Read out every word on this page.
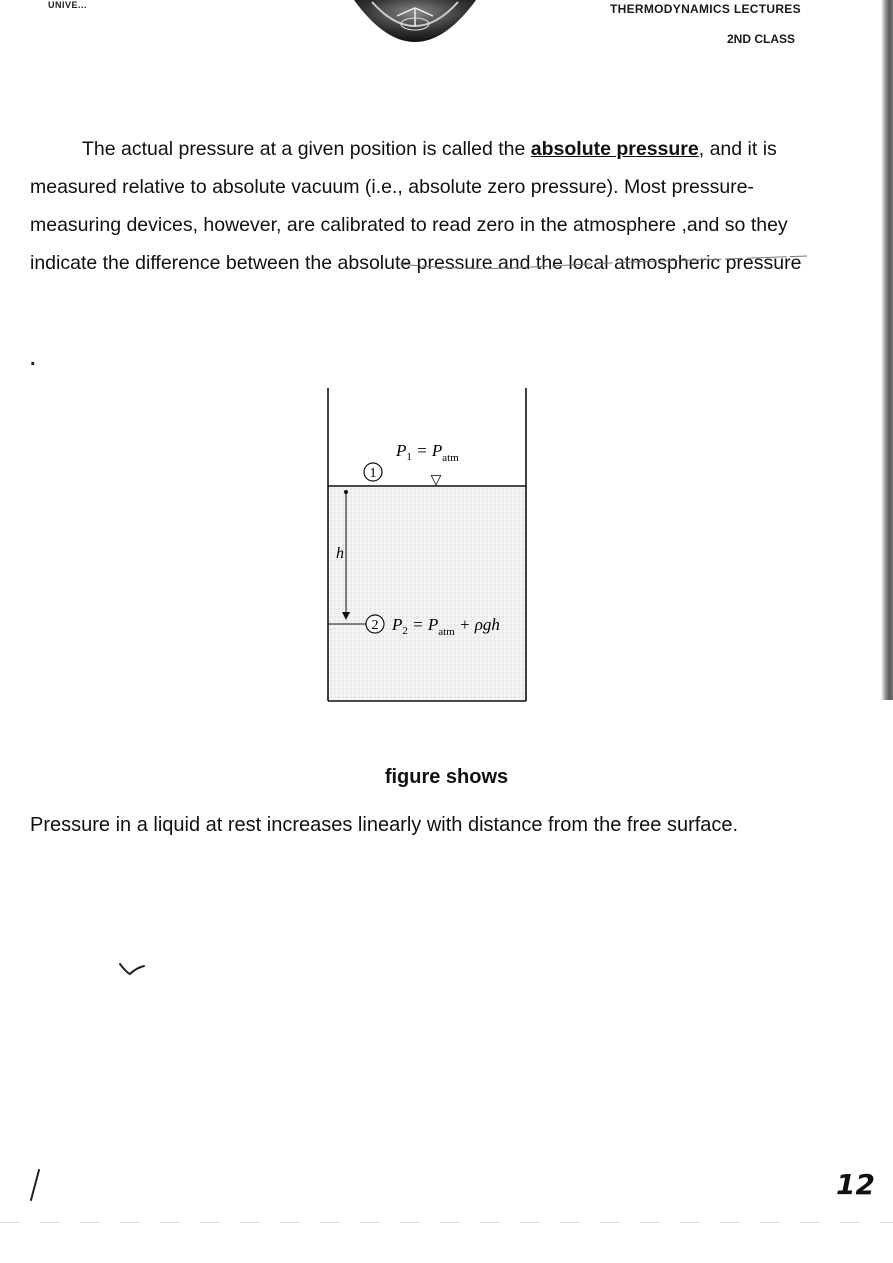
UNIVE...	THERMODYNAMICS LECTURES
2ND CLASS
The actual pressure at a given position is called the absolute pressure, and it is measured relative to absolute vacuum (i.e., absolute zero pressure). Most pressure-measuring devices, however, are calibrated to read zero in the atmosphere ,and so they indicate the difference between the absolute pressure and the local atmospheric pressure
.
1	▽
$P_1 = P_{atm}$
h
2 $P_2 = P_{atm} + \rho gh$
figure shows
Pressure in a liquid at rest increases linearly with distance from the free surface.
12
